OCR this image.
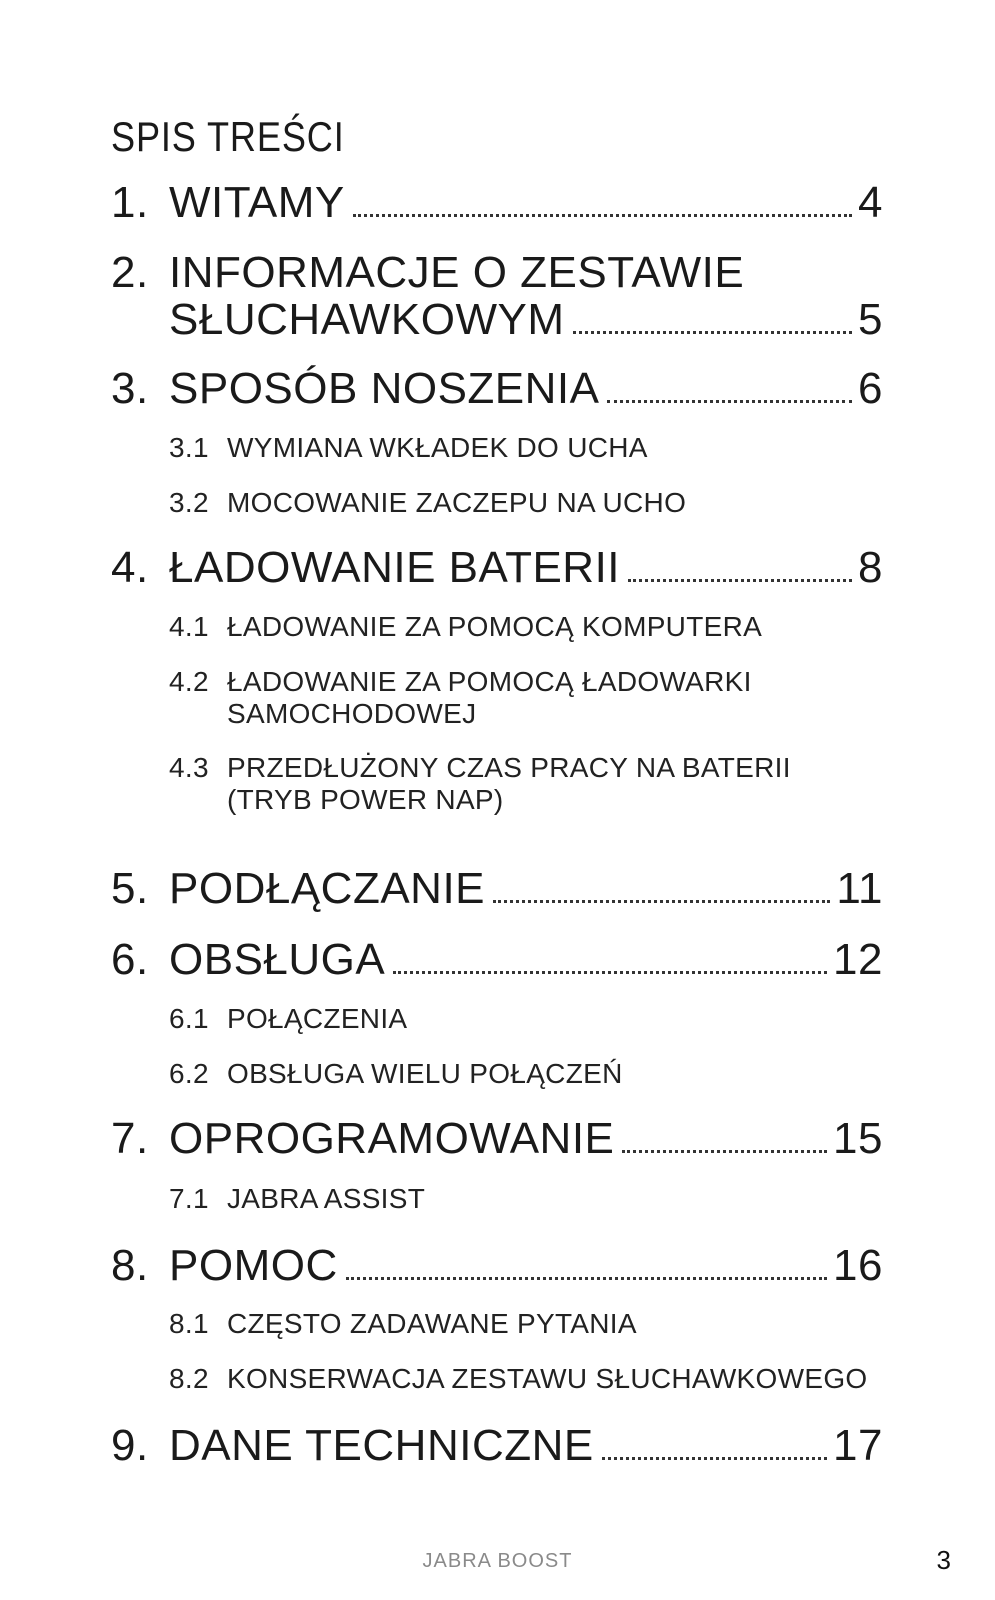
SPIS TREŚCI
1. WITAMY	4
2. INFORMACJE O ZESTAWIE
SŁUCHAWKOWYM	5
3. SPOSÓB NOSZENIA	6
3.1 WYMIANA WKŁADEK DO UCHA
3.2 MOCOWANIE ZACZEPU NA UCHO
4. ŁADOWANIE BATERII	8
4.1 ŁADOWANIE ZA POMOCĄ KOMPUTERA
4.2 ŁADOWANIE ZA POMOCĄ ŁADOWARKI
SAMOCHODOWEJ
4.3 PRZEDŁUŻONY CZAS PRACY NA BATERII
(TRYB POWER NAP)
5. PODŁĄCZANIE	11
6. OBSŁUGA	12
6.1 POŁĄCZENIA
6.2 OBSŁUGA WIELU POŁĄCZEŃ
7. OPROGRAMOWANIE	15
7.1 JABRA ASSIST
8. POMOC	16
8.1 CZĘSTO ZADAWANE PYTANIA
8.2 KONSERWACJA ZESTAWU SŁUCHAWKOWEGO
9. DANE TECHNICZNE	17
JABRA BOOST	3
